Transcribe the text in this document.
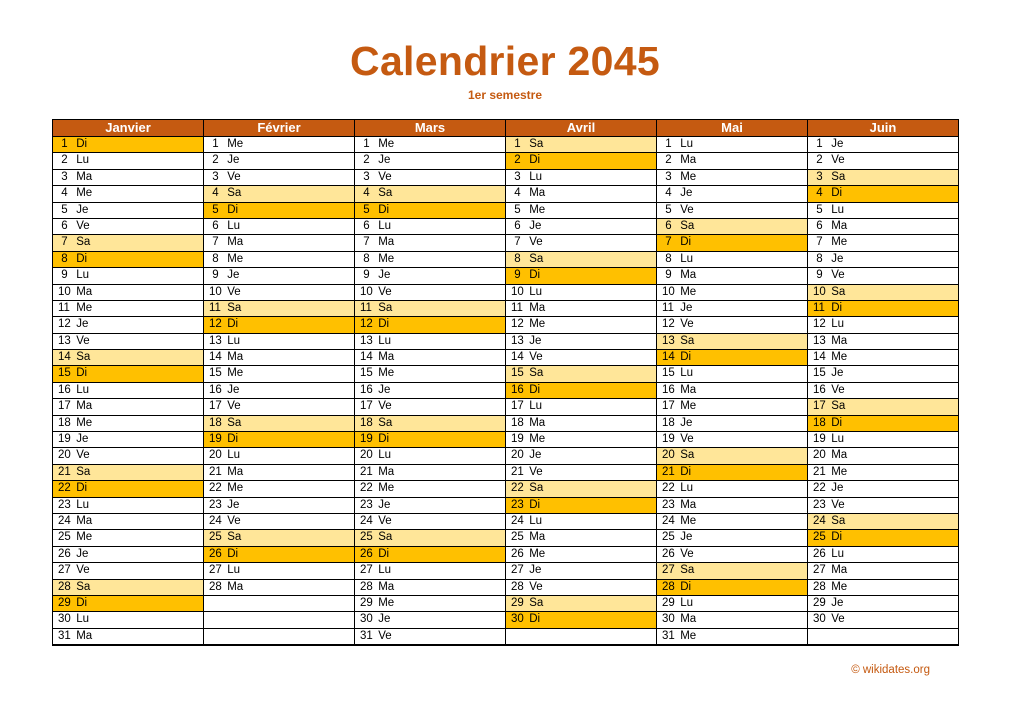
Calendrier 2045
1er semestre
Janvier
1 Di
2 Lu
3 Ma
4 Me
5 Je
6 Ve
7 Sa
8 Di
9 Lu
10 Ma
11 Me
12 Je
13 Ve
14 Sa
15 Di
16 Lu
17 Ma
18 Me
19 Je
20 Ve
21 Sa
22 Di
23 Lu
24 Ma
25 Me
26 Je
27 Ve
28 Sa
29 Di
30 Lu
31 Ma
Février
1 Me
2 Je
3 Ve
4 Sa
5 Di
6 Lu
7 Ma
8 Me
9 Je
10 Ve
11 Sa
12 Di
13 Lu
14 Ma
15 Me
16 Je
17 Ve
18 Sa
19 Di
20 Lu
21 Ma
22 Me
23 Je
24 Ve
25 Sa
26 Di
27 Lu
28 Ma

Mars
1 Me
2 Je
3 Ve
4 Sa
5 Di
6 Lu
7 Ma
8 Me
9 Je
10 Ve
11 Sa
12 Di
13 Lu
14 Ma
15 Me
16 Je
17 Ve
18 Sa
19 Di
20 Lu
21 Ma
22 Me
23 Je
24 Ve
25 Sa
26 Di
27 Lu
28 Ma
29 Me
30 Je
31 Ve
Avril
1 Sa
2 Di
3 Lu
4 Ma
5 Me
6 Je
7 Ve
8 Sa
9 Di
10 Lu
11 Ma
12 Me
13 Je
14 Ve
15 Sa
16 Di
17 Lu
18 Ma
19 Me
20 Je
21 Ve
22 Sa
23 Di
24 Lu
25 Ma
26 Me
27 Je
28 Ve
29 Sa
30 Di

Mai
1 Lu
2 Ma
3 Me
4 Je
5 Ve
6 Sa
7 Di
8 Lu
9 Ma
10 Me
11 Je
12 Ve
13 Sa
14 Di
15 Lu
16 Ma
17 Me
18 Je
19 Ve
20 Sa
21 Di
22 Lu
23 Ma
24 Me
25 Je
26 Ve
27 Sa
28 Di
29 Lu
30 Ma
31 Me
Juin
1 Je
2 Ve
3 Sa
4 Di
5 Lu
6 Ma
7 Me
8 Je
9 Ve
10 Sa
11 Di
12 Lu
13 Ma
14 Me
15 Je
16 Ve
17 Sa
18 Di
19 Lu
20 Ma
21 Me
22 Je
23 Ve
24 Sa
25 Di
26 Lu
27 Ma
28 Me
29 Je
30 Ve

© wikidates.org
